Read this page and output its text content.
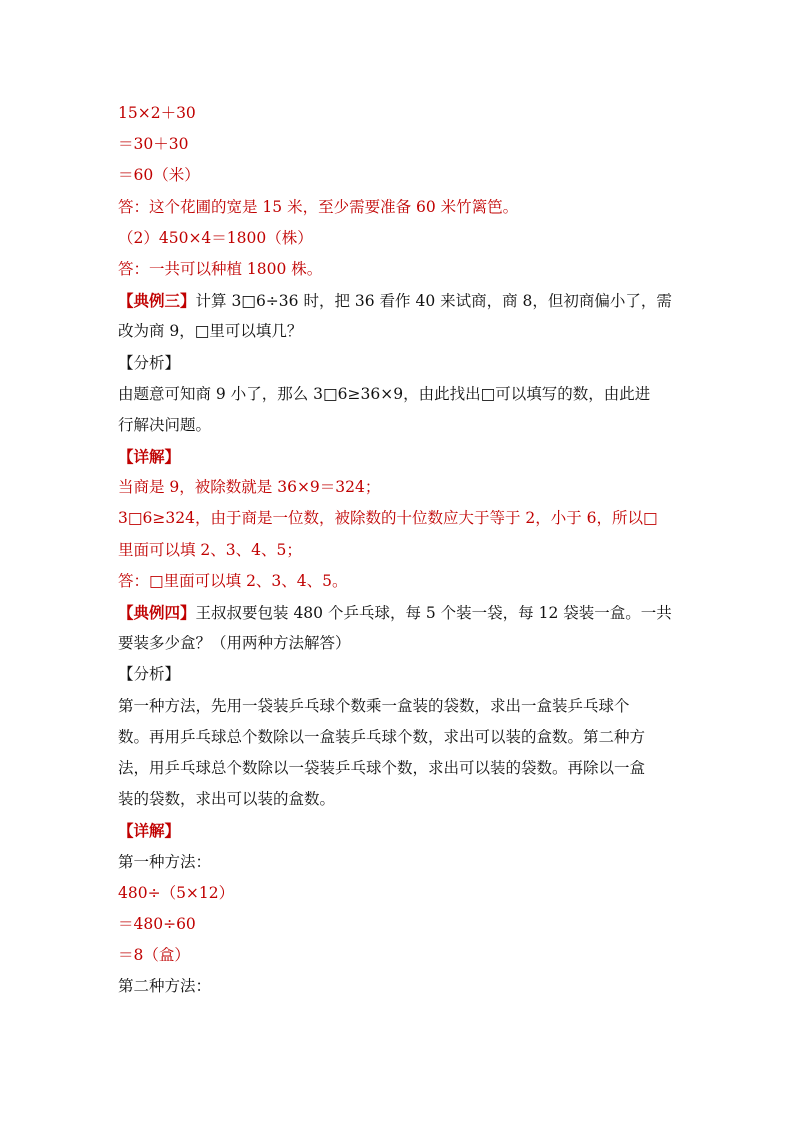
15×2＋30
＝30＋30
＝60（米）
答：这个花圃的宽是 15 米，至少需要准备 60 米竹篱笆。
（2）450×4＝1800（株）
答：一共可以种植 1800 株。
【典例三】计算 3□6÷36 时，把 36 看作 40 来试商，商 8，但初商偏小了，需
改为商 9，□里可以填几？
【分析】
由题意可知商 9 小了，那么 3□6≥36×9，由此找出□可以填写的数，由此进
行解决问题。
【详解】
当商是 9，被除数就是 36×9＝324；
3□6≥324，由于商是一位数，被除数的十位数应大于等于 2，小于 6，所以□
里面可以填 2、3、4、5；
答：□里面可以填 2、3、4、5。
【典例四】王叔叔要包装 480 个乒乓球，每 5 个装一袋，每 12 袋装一盒。一共
要装多少盒？（用两种方法解答）
【分析】
第一种方法，先用一袋装乒乓球个数乘一盒装的袋数，求出一盒装乒乓球个
数。再用乒乓球总个数除以一盒装乒乓球个数，求出可以装的盒数。第二种方
法，用乒乓球总个数除以一袋装乒乓球个数，求出可以装的袋数。再除以一盒
装的袋数，求出可以装的盒数。
【详解】
第一种方法：
480÷（5×12）
＝480÷60
＝8（盒）
第二种方法：
